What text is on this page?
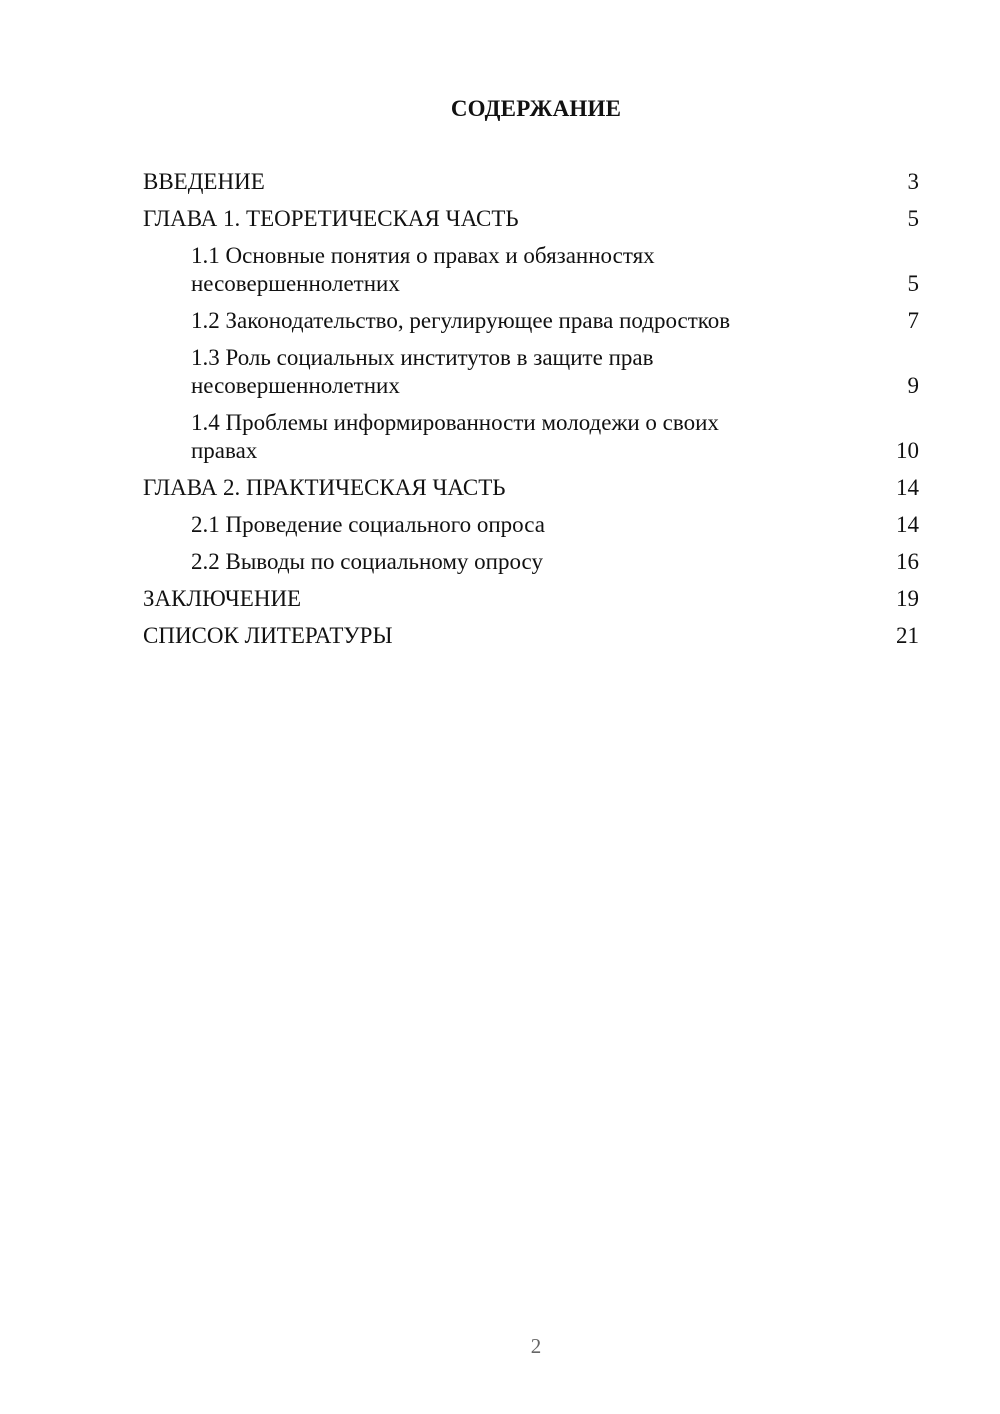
СОДЕРЖАНИЕ
ВВЕДЕНИЕ	3
ГЛАВА 1. ТЕОРЕТИЧЕСКАЯ ЧАСТЬ	5
1.1 Основные понятия о правах и обязанностях
несовершеннолетних	5
1.2 Законодательство, регулирующее права подростков	7
1.3 Роль социальных институтов в защите прав
несовершеннолетних	9
1.4 Проблемы информированности молодежи о своих
правах	10
ГЛАВА 2. ПРАКТИЧЕСКАЯ ЧАСТЬ	14
2.1 Проведение социального опроса	14
2.2 Выводы по социальному опросу	16
ЗАКЛЮЧЕНИЕ	19
СПИСОК ЛИТЕРАТУРЫ	21
2
